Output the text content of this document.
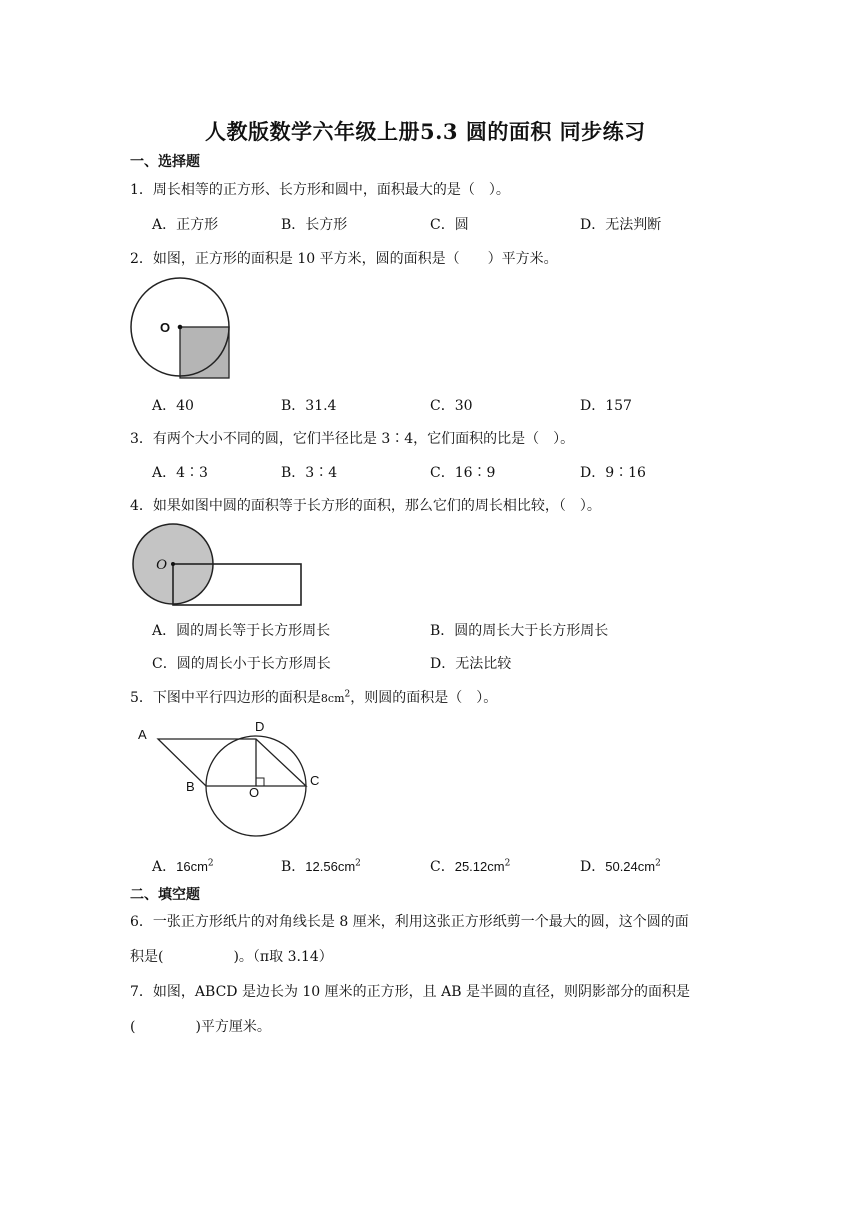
人教版数学六年级上册5.3 圆的面积 同步练习
一、选择题
1．周长相等的正方形、长方形和圆中，面积最大的是（　）。
A．正方形	B．长方形	C．圆	D．无法判断
2．如图，正方形的面积是 10 平方米，圆的面积是（　　）平方米。
O
A．40	B．31.4	C．30	D．157
3．有两个大小不同的圆，它们半径比是 3∶4，它们面积的比是（　）。
A．4∶3	B．3∶4	C．16∶9	D．9∶16
4．如果如图中圆的面积等于长方形的面积，那么它们的周长相比较，（　）。
O
A．圆的周长等于长方形周长	B．圆的周长大于长方形周长
C．圆的周长小于长方形周长	D．无法比较
5．下图中平行四边形的面积是$8cm^2$，则圆的面积是（　）。
A
B	C
D
O
A．$16cm^2$	B．$12.56cm^2$	C．$25.12cm^2$	D．$50.24cm^2$
二、填空题
6．一张正方形纸片的对角线长是 8 厘米，利用这张正方形纸剪一个最大的圆，这个圆的面
积是(	)。（π取 3.14）
7．如图，ABCD 是边长为 10 厘米的正方形，且 AB 是半圆的直径，则阴影部分的面积是
(	)平方厘米。
